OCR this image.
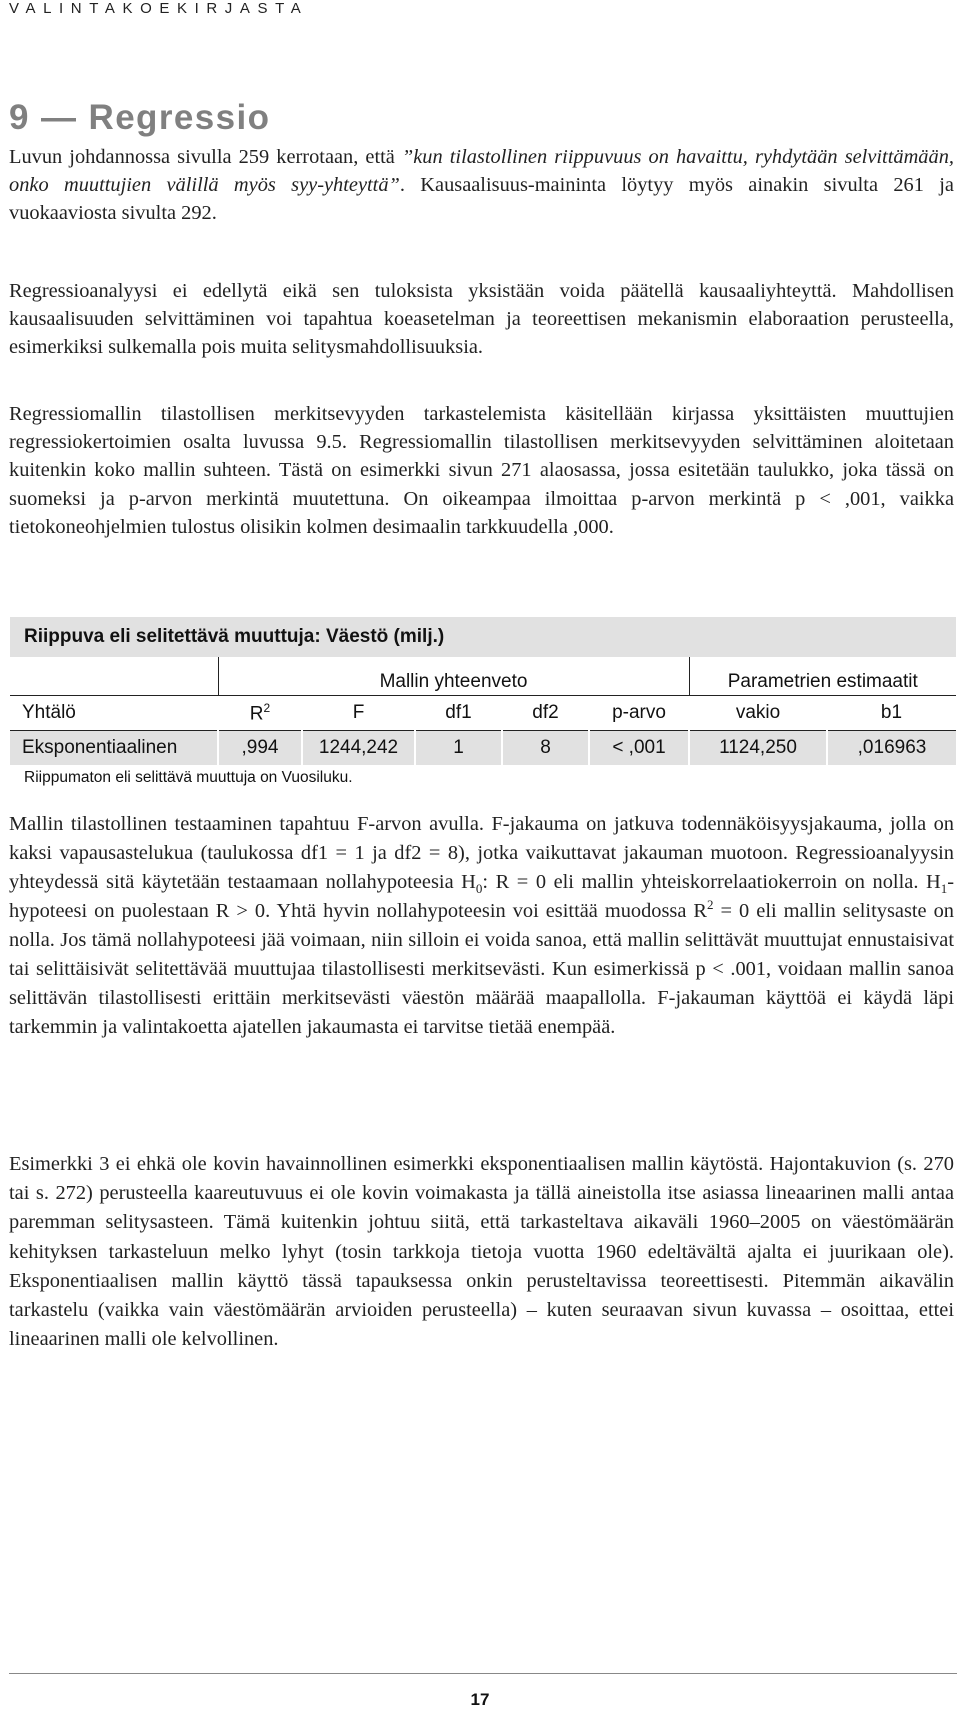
VALINTAKOEKIRJASTA
9 — Regressio

Luvun johdannossa sivulla 259 kerrotaan, että ”kun tilastollinen riippuvuus on havaittu, ryhdytään selvittämään, onko muuttujien välillä myös syy-yhteyttä”. Kausaalisuus-maininta löytyy myös ainakin sivulta 261 ja vuokaaviosta sivulta 292.

Regressioanalyysi ei edellytä eikä sen tuloksista yksistään voida päätellä kausaaliyhteyttä. Mahdollisen kausaalisuuden selvittäminen voi tapahtua koeasetelman ja teoreettisen mekanismin elaboraation perusteella, esimerkiksi sulkemalla pois muita selitysmahdollisuuksia.

Regressiomallin tilastollisen merkitsevyyden tarkastelemista käsitellään kirjassa yksittäisten muuttujien regressiokertoimien osalta luvussa 9.5. Regressiomallin tilastollisen merkitsevyyden selvittäminen aloitetaan kuitenkin koko mallin suhteen. Tästä on esimerkki sivun 271 alaosassa, jossa esitetään taulukko, joka tässä on suomeksi ja p-arvon merkintä muutettuna. On oikeampaa ilmoittaa p-arvon merkintä p < ,001, vaikka tietokoneohjelmien tulostus olisikin kolmen desimaalin tarkkuudella ,000.

Riippuva eli selitettävä muuttuja: Väestö (milj.)
	Mallin yhteenveto					Parametrien estimaatit	
Yhtälö	$R^2$	F	df1	df2	p-arvo	vakio	b1
Eksponentiaalinen	,994	1244,242	1	8	< ,001	1124,250	,016963
Riippumaton eli selittävä muuttuja on Vuosiluku.

Mallin tilastollinen testaaminen tapahtuu F-arvon avulla. F-jakauma on jatkuva todennäköisyysjakauma, jolla on kaksi vapausastelukua (taulukossa df1 = 1 ja df2 = 8), jotka vaikuttavat jakauman muotoon. Regressioanalyysin yhteydessä sitä käytetään testaamaan nollahypoteesia $H_0$: R = 0 eli mallin yhteiskorrelaatiokerroin on nolla. $H_1$-hypoteesi on puolestaan R > 0. Yhtä hyvin nollahypoteesin voi esittää muodossa $R^2 = 0$ eli mallin selitysaste on nolla. Jos tämä nollahypoteesi jää voimaan, niin silloin ei voida sanoa, että mallin selittävät muuttujat ennustaisivat tai selittäisivät selitettävää muuttujaa tilastollisesti merkitsevästi. Kun esimerkissä p < .001, voidaan mallin sanoa selittävän tilastollisesti erittäin merkitsevästi väestön määrää maapallolla. F-jakauman käyttöä ei käydä läpi tarkemmin ja valintakoetta ajatellen jakaumasta ei tarvitse tietää enempää.

Esimerkki 3 ei ehkä ole kovin havainnollinen esimerkki eksponentiaalisen mallin käytöstä. Hajontakuvion (s. 270 tai s. 272) perusteella kaareutuvuus ei ole kovin voimakasta ja tällä aineistolla itse asiassa lineaarinen malli antaa paremman selitysasteen. Tämä kuitenkin johtuu siitä, että tarkasteltava aikaväli 1960–2005 on väestömäärän kehityksen tarkasteluun melko lyhyt (tosin tarkkoja tietoja vuotta 1960 edeltävältä ajalta ei juurikaan ole). Eksponentiaalisen mallin käyttö tässä tapauksessa onkin perusteltavissa teoreettisesti. Pitemmän aikavälin tarkastelu (vaikka vain väestömäärän arvioiden perusteella) – kuten seuraavan sivun kuvassa – osoittaa, ettei lineaarinen malli ole kelvollinen.

17
